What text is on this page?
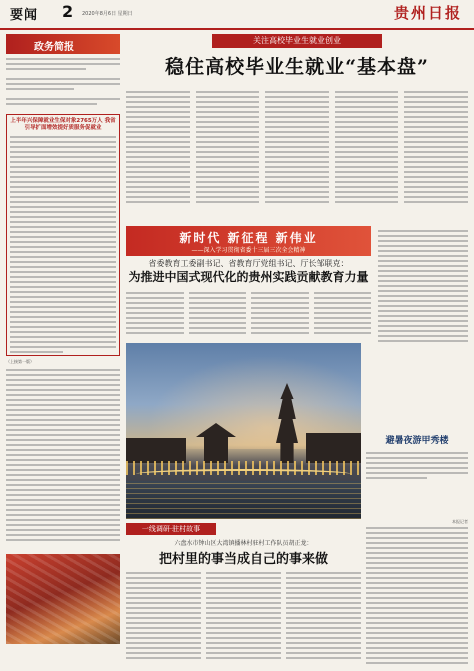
要闻 2 2020年8月6日 星期日	贵州日报
政务简报
上半年兴保障就业生保对象2765万人 我省引导扩面增效提好质服务促就业
（上接第一版）
关注高校毕业生就业创业
稳住高校毕业生就业“基本盘”
新时代 新征程 新伟业
——深入学习贯彻省委十三届三次全会精神
省委教育工委副书记、省教育厅党组书记、厅长邹联克：
为推进中国式现代化的贵州实践贡献教育力量
避暑夜游甲秀楼
本报记者
一线调研·驻村故事
六盘水市钟山区大湾镇播林村驻村工作队员胡正龙：
把村里的事当成自己的事来做
